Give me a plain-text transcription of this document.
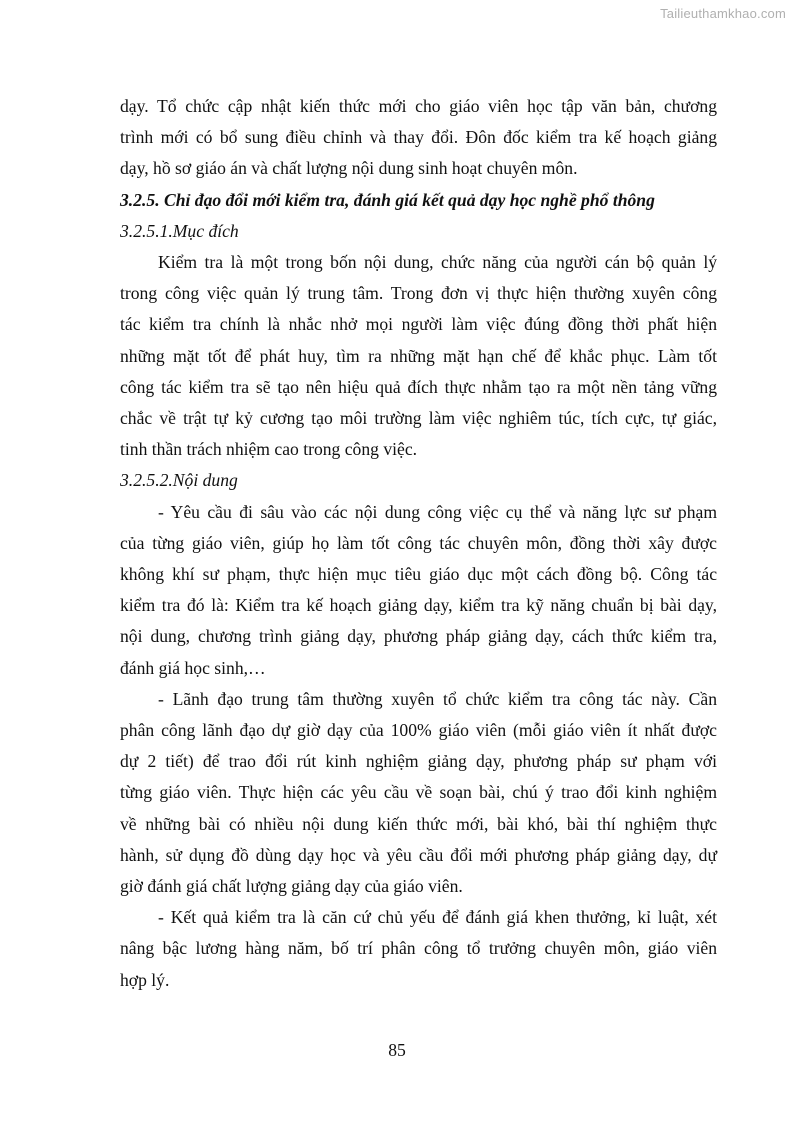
Tailieuthamkhao.com
dạy. Tổ chức cập nhật kiến thức mới cho giáo viên học tập văn bản, chương
trình mới có bổ sung điều chỉnh và thay đổi. Đôn đốc kiểm tra kế hoạch giảng
dạy, hồ sơ giáo án và chất lượng nội dung sinh hoạt chuyên môn.
3.2.5. Chỉ đạo đổi mới kiểm tra, đánh giá kết quả dạy học nghề phổ thông
3.2.5.1.Mục đích
Kiểm tra là một trong bốn nội dung, chức năng của người cán bộ quản lý
trong công việc quản lý trung tâm. Trong đơn vị thực hiện thường xuyên công
tác kiểm tra chính là nhắc nhở mọi người làm việc đúng đồng thời phất hiện
những mặt tốt để phát huy, tìm ra những mặt hạn chế để khắc phục. Làm tốt
công tác kiểm tra sẽ tạo nên hiệu quả đích thực nhằm tạo ra một nền tảng vững
chắc về trật tự kỷ cương tạo môi trường làm việc nghiêm túc, tích cực, tự giác,
tinh thần trách nhiệm cao trong công việc.
3.2.5.2.Nội dung
- Yêu cầu đi sâu vào các nội dung công việc cụ thể và năng lực sư phạm
của từng giáo viên, giúp họ làm tốt công tác chuyên môn, đồng thời xây được
không khí sư phạm, thực hiện mục tiêu giáo dục một cách đồng bộ. Công tác
kiểm tra đó là: Kiểm tra kế hoạch giảng dạy, kiểm tra kỹ năng chuẩn bị bài dạy,
nội dung, chương trình giảng dạy, phương pháp giảng dạy, cách thức kiểm tra,
đánh giá học sinh,…
- Lãnh đạo trung tâm thường xuyên tổ chức kiểm tra công tác này. Cần
phân công lãnh đạo dự giờ dạy của 100% giáo viên (mỗi giáo viên ít nhất được
dự 2 tiết) để trao đổi rút kinh nghiệm giảng dạy, phương pháp sư phạm với
từng giáo viên. Thực hiện các yêu cầu về soạn bài, chú ý trao đổi kinh nghiệm
về những bài có nhiều nội dung kiến thức mới, bài khó, bài thí nghiệm thực
hành, sử dụng đồ dùng dạy học và yêu cầu đổi mới phương pháp giảng dạy, dự
giờ đánh giá chất lượng giảng dạy của giáo viên.
- Kết quả kiểm tra là căn cứ chủ yếu để đánh giá khen thưởng, kỉ luật, xét
nâng bậc lương hàng năm, bố trí phân công tổ trưởng chuyên môn, giáo viên
hợp lý.
85
